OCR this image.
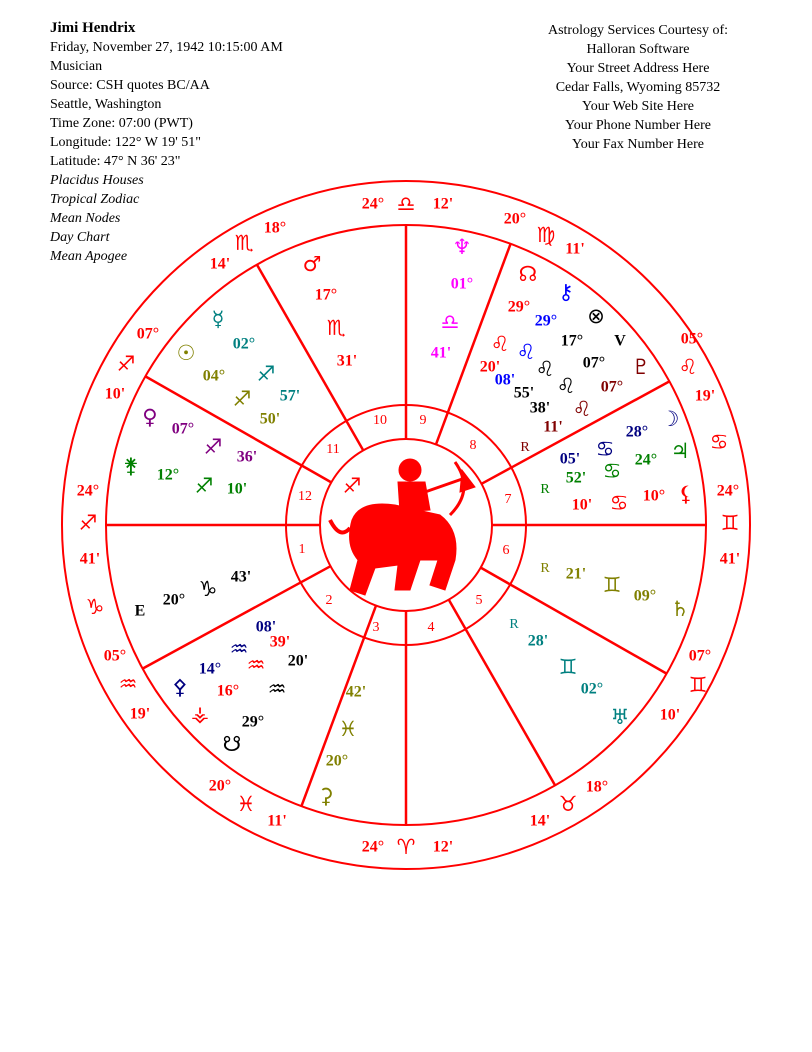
Jimi Hendrix
Friday, November 27, 1942 10:15:00 AM
Musician
Source: CSH quotes BC/AA
Seattle, Washington
Time Zone: 07:00 (PWT)
Longitude: 122° W 19' 51"
Latitude: 47° N 36' 23"
Placidus Houses
Tropical Zodiac
Mean Nodes
Day Chart
Mean Apogee
Astrology Services Courtesy of:
Halloran Software
Your Street Address Here
Cedar Falls, Wyoming 85732
Your Web Site Here
Your Phone Number Here
Your Fax Number Here
♐
1
2
3	4
5
6
7
8
9
10
11
12
24°
♐
41'
05°
♒
19'
20°
♓
11'
24° ♈ 12'
18°
♉
14'
07°
♊
10'
24°
♊
41'
05°
♌
19'
20°
♍
11'
24° ♎ 12'
18°
♏
14'
07°
♐
10'
♑
♋
♆
01°
♎
41'
♂
17°
♏
31'
☿
02°
♐
57'
☉
04°
♐
50'
♀
07°
♐ 36'
⚵ 12° ♐ 10'
☊
29°
♌
20'
⚷
29°
♌
08'
⊗
17°
♌
55'
V
07°
♌
38'
♇
07°
♌
11'
R
☽
28°
♋
05'	♃
24°
♋
52'
R	⚸
10°
♋
10'
♄
09°
♊
21'
R
♅
02°
♊
28'
R
E
20° ♑ 43'
⚴
14°
♒
08'
⚶
16°
♒
39'
☋
29°
♒
20'
⚳
20°
♓
42'
